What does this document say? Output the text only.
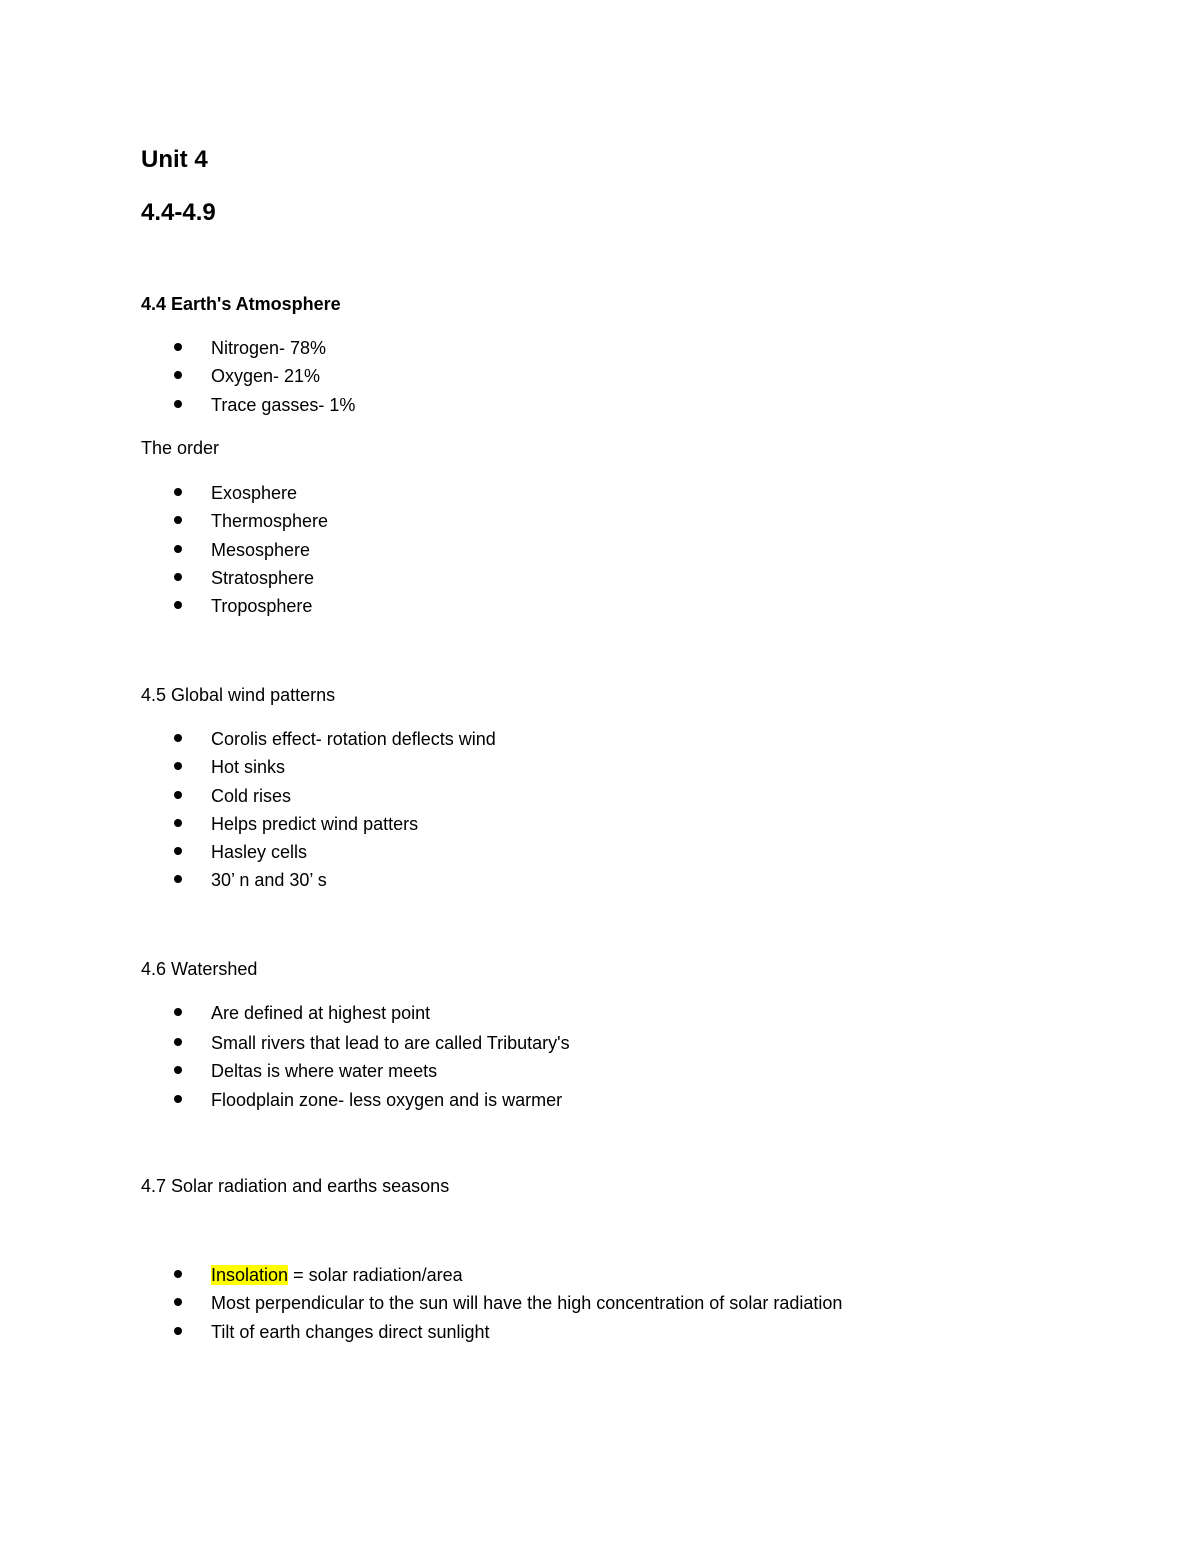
Unit 4
4.4-4.9
4.4 Earth's Atmosphere
Nitrogen- 78%
Oxygen- 21%
Trace gasses- 1%
The order
Exosphere
Thermosphere
Mesosphere
Stratosphere
Troposphere
4.5 Global wind patterns
Corolis effect- rotation deflects wind
Hot sinks
Cold rises
Helps predict wind patters
Hasley cells
30’ n and 30’ s
4.6 Watershed
Are defined at highest point
Small rivers that lead to are called Tributary's
Deltas is where water meets
Floodplain zone- less oxygen and is warmer
4.7 Solar radiation and earths seasons
Insolation = solar radiation/area
Most perpendicular to the sun will have the high concentration of solar radiation
Tilt of earth changes direct sunlight
